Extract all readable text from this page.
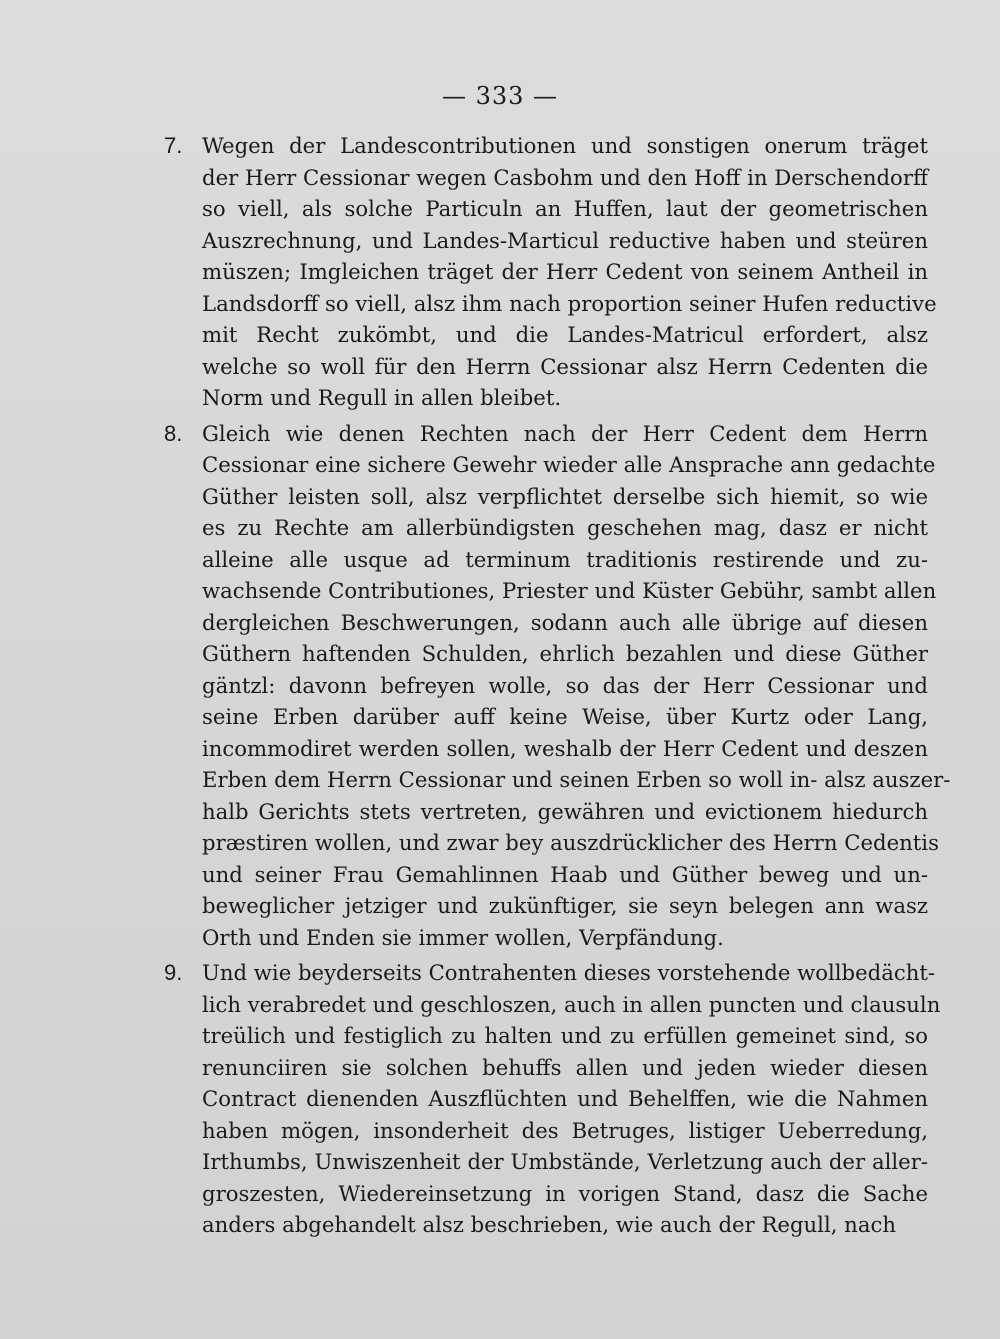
— 333 —
7. Wegen der Landescontributionen und sonstigen onerum träget
der Herr Cessionar wegen Casbohm und den Hoff in Derschendorff
so viell, als solche Particuln an Huffen, laut der geometrischen
Auszrechnung, und Landes-Marticul reductive haben und steüren
müszen; Imgleichen träget der Herr Cedent von seinem Antheil in
Landsdorff so viell, alsz ihm nach proportion seiner Hufen reductive
mit Recht zukömbt, und die Landes-Matricul erfordert, alsz
welche so woll für den Herrn Cessionar alsz Herrn Cedenten die
Norm und Regull in allen bleibet.
8. Gleich wie denen Rechten nach der Herr Cedent dem Herrn
Cessionar eine sichere Gewehr wieder alle Ansprache ann gedachte
Güther leisten soll, alsz verpflichtet derselbe sich hiemit, so wie
es zu Rechte am allerbündigsten geschehen mag, dasz er nicht
alleine alle usque ad terminum traditionis restirende und zu-
wachsende Contributiones, Priester und Küster Gebühr, sambt allen
dergleichen Beschwerungen, sodann auch alle übrige auf diesen
Güthern haftenden Schulden, ehrlich bezahlen und diese Güther
gäntzl: davonn befreyen wolle, so das der Herr Cessionar und
seine Erben darüber auff keine Weise, über Kurtz oder Lang,
incommodiret werden sollen, weshalb der Herr Cedent und deszen
Erben dem Herrn Cessionar und seinen Erben so woll in- alsz auszer-
halb Gerichts stets vertreten, gewähren und evictionem hiedurch
præstiren wollen, und zwar bey auszdrücklicher des Herrn Cedentis
und seiner Frau Gemahlinnen Haab und Güther beweg und un-
beweglicher jetziger und zukünftiger, sie seyn belegen ann wasz
Orth und Enden sie immer wollen, Verpfändung.
9. Und wie beyderseits Contrahenten dieses vorstehende wollbedächt-
lich verabredet und geschloszen, auch in allen puncten und clausuln
treülich und festiglich zu halten und zu erfüllen gemeinet sind, so
renunciiren sie solchen behuffs allen und jeden wieder diesen
Contract dienenden Auszflüchten und Behelffen, wie die Nahmen
haben mögen, insonderheit des Betruges, listiger Ueberredung,
Irthumbs, Unwiszenheit der Umbstände, Verletzung auch der aller-
groszesten, Wiedereinsetzung in vorigen Stand, dasz die Sache
anders abgehandelt alsz beschrieben, wie auch der Regull, nach
